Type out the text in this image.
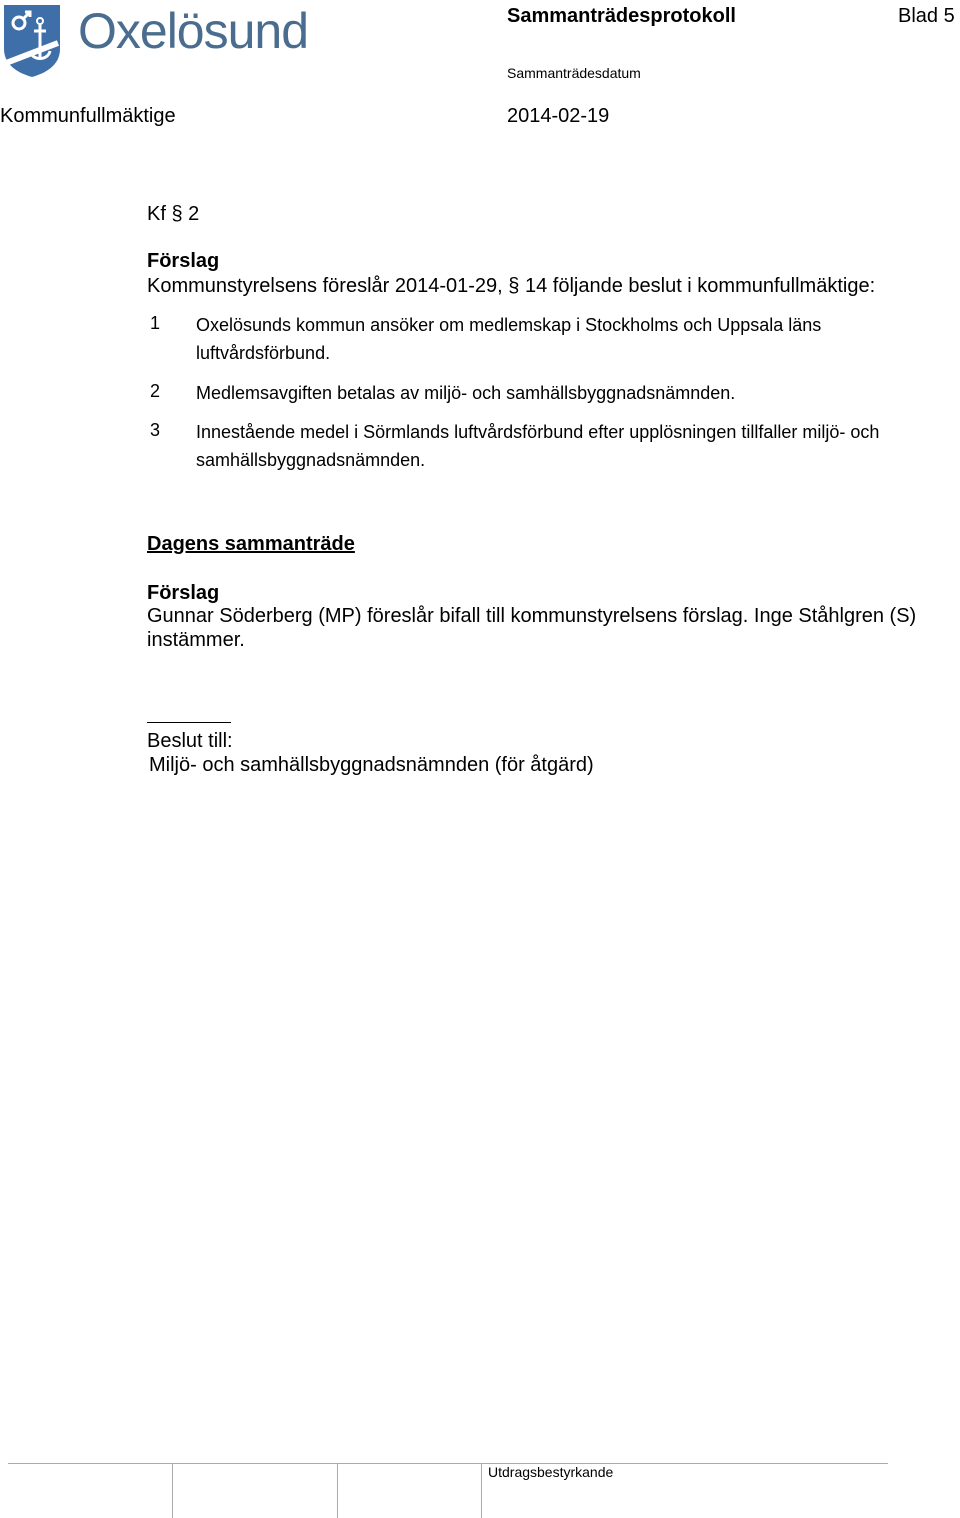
Oxelösund	Sammanträdesprotokoll	Blad 5
Sammanträdesdatum
Kommunfullmäktige	2014-02-19
Kf § 2
Förslag
Kommunstyrelsens föreslår 2014-01-29, § 14 följande beslut i kommunfullmäktige:
1 Oxelösunds kommun ansöker om medlemskap i Stockholms och Uppsala läns luftvårdsförbund.
2 Medlemsavgiften betalas av miljö- och samhällsbyggnadsnämnden.
3 Innestående medel i Sörmlands luftvårdsförbund efter upplösningen tillfaller miljö- och samhällsbyggnadsnämnden.
Dagens sammanträde
Förslag
Gunnar Söderberg (MP) föreslår bifall till kommunstyrelsens förslag. Inge Ståhlgren (S) instämmer.
Beslut till:
Miljö- och samhällsbyggnadsnämnden (för åtgärd)
Utdragsbestyrkande
